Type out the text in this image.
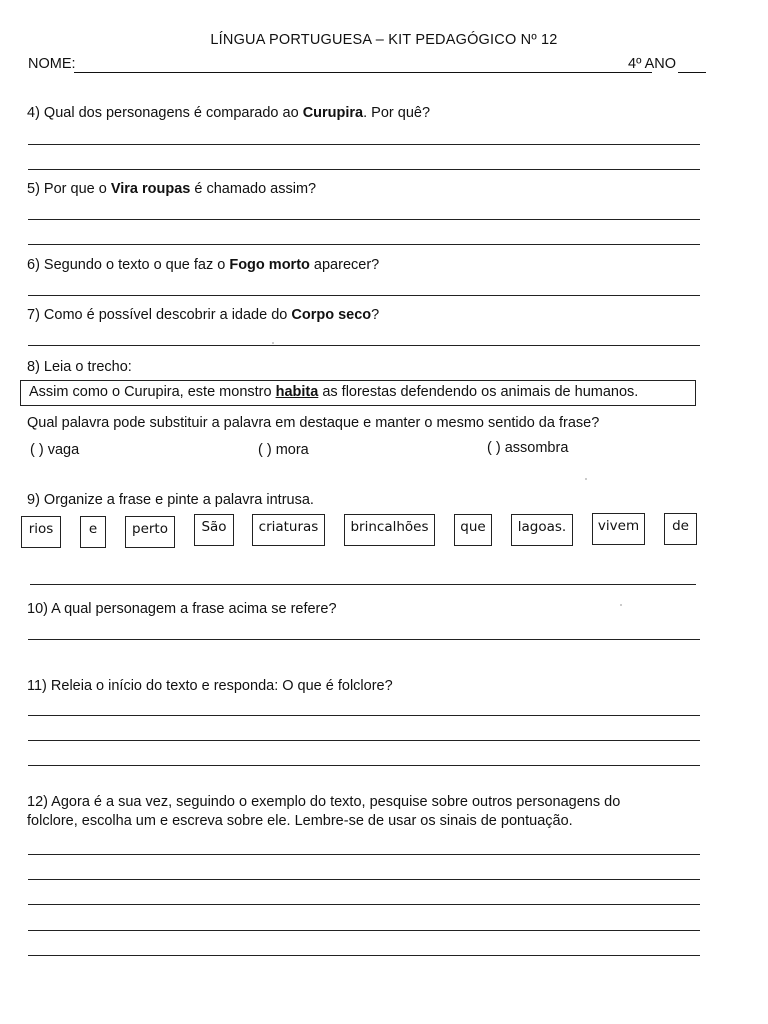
LÍNGUA PORTUGUESA – KIT PEDAGÓGICO Nº 12
NOME:	4º ANO
4) Qual dos personagens é comparado ao Curupira. Por quê?
5) Por que o Vira roupas é chamado assim?
6) Segundo o texto o que faz o Fogo morto aparecer?
7) Como é possível descobrir a idade do Corpo seco?
8) Leia o trecho:
Assim como o Curupira, este monstro habita as florestas defendendo os animais de humanos.
Qual palavra pode substituir a palavra em destaque e manter o mesmo sentido da frase?
( ) vaga	( ) mora	( ) assombra
9) Organize a frase e pinte a palavra intrusa.
rios	e	perto	São	criaturas	brincalhões	que	lagoas.	vivem	de
10) A qual personagem a frase acima se refere?
11) Releia o início do texto e responda: O que é folclore?
12) Agora é a sua vez, seguindo o exemplo do texto, pesquise sobre outros personagens do
folclore, escolha um e escreva sobre ele. Lembre-se de usar os sinais de pontuação.
